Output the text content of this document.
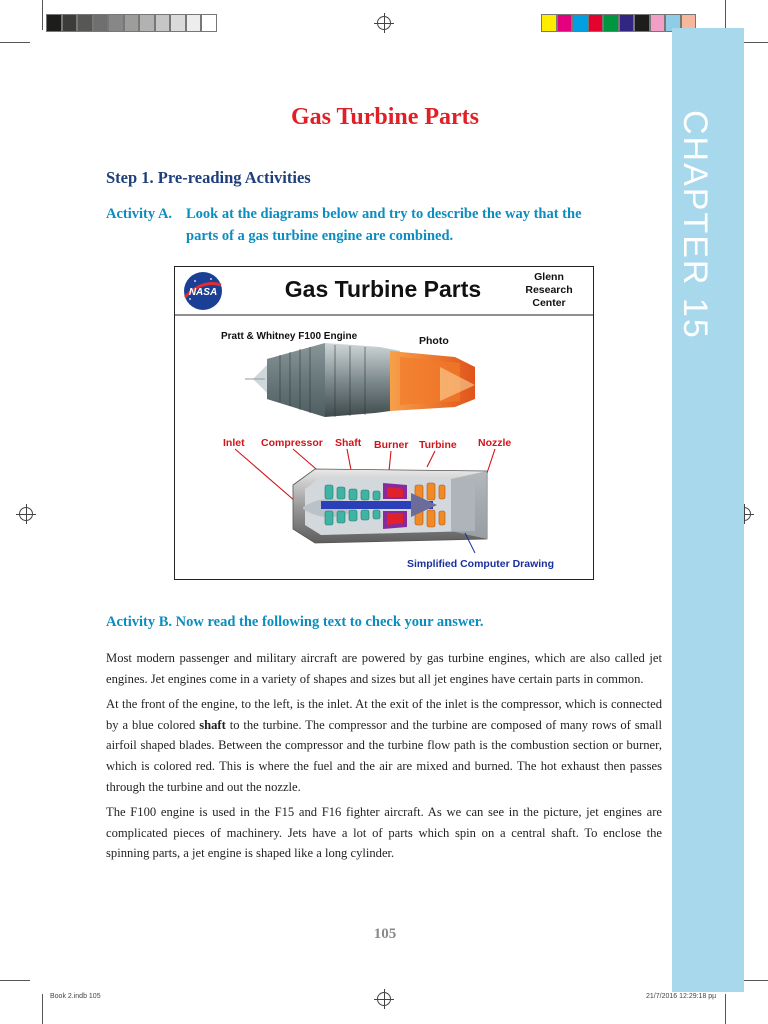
CHAPTER 15
Gas Turbine Parts
Step 1. Pre-reading Activities
Activity A. Look at the diagrams below and try to describe the way that the
parts of a gas turbine engine are combined.
NASA
Pratt & Whitney F100 Engine	Photo
Inlet Compressor Shaft Burner Turbine Nozzle
Simplified Computer Drawing
Gas Turbine Parts	Glenn
Research
Center
Activity B. Now read the following text to check your answer.

Most modern passenger and military aircraft are powered by gas turbine engines, which are also called jet engines. Jet engines come in a variety of shapes and sizes but all jet engines have certain parts in common.

At the front of the engine, to the left, is the inlet. At the exit of the inlet is the compressor, which is connected by a blue colored shaft to the turbine. The compressor and the turbine are composed of many rows of small airfoil shaped blades. Between the compressor and the turbine flow path is the combustion section or burner, which is colored red. This is where the fuel and the air are mixed and burned. The hot exhaust then passes through the turbine and out the nozzle.

The F100 engine is used in the F15 and F16 fighter aircraft. As we can see in the picture, jet engines are complicated pieces of machinery. Jets have a lot of parts which spin on a central shaft. To enclose the spinning parts, a jet engine is shaped like a long cylinder.

105
Book 2.indb 105	21/7/2016 12:29:18 pµ
